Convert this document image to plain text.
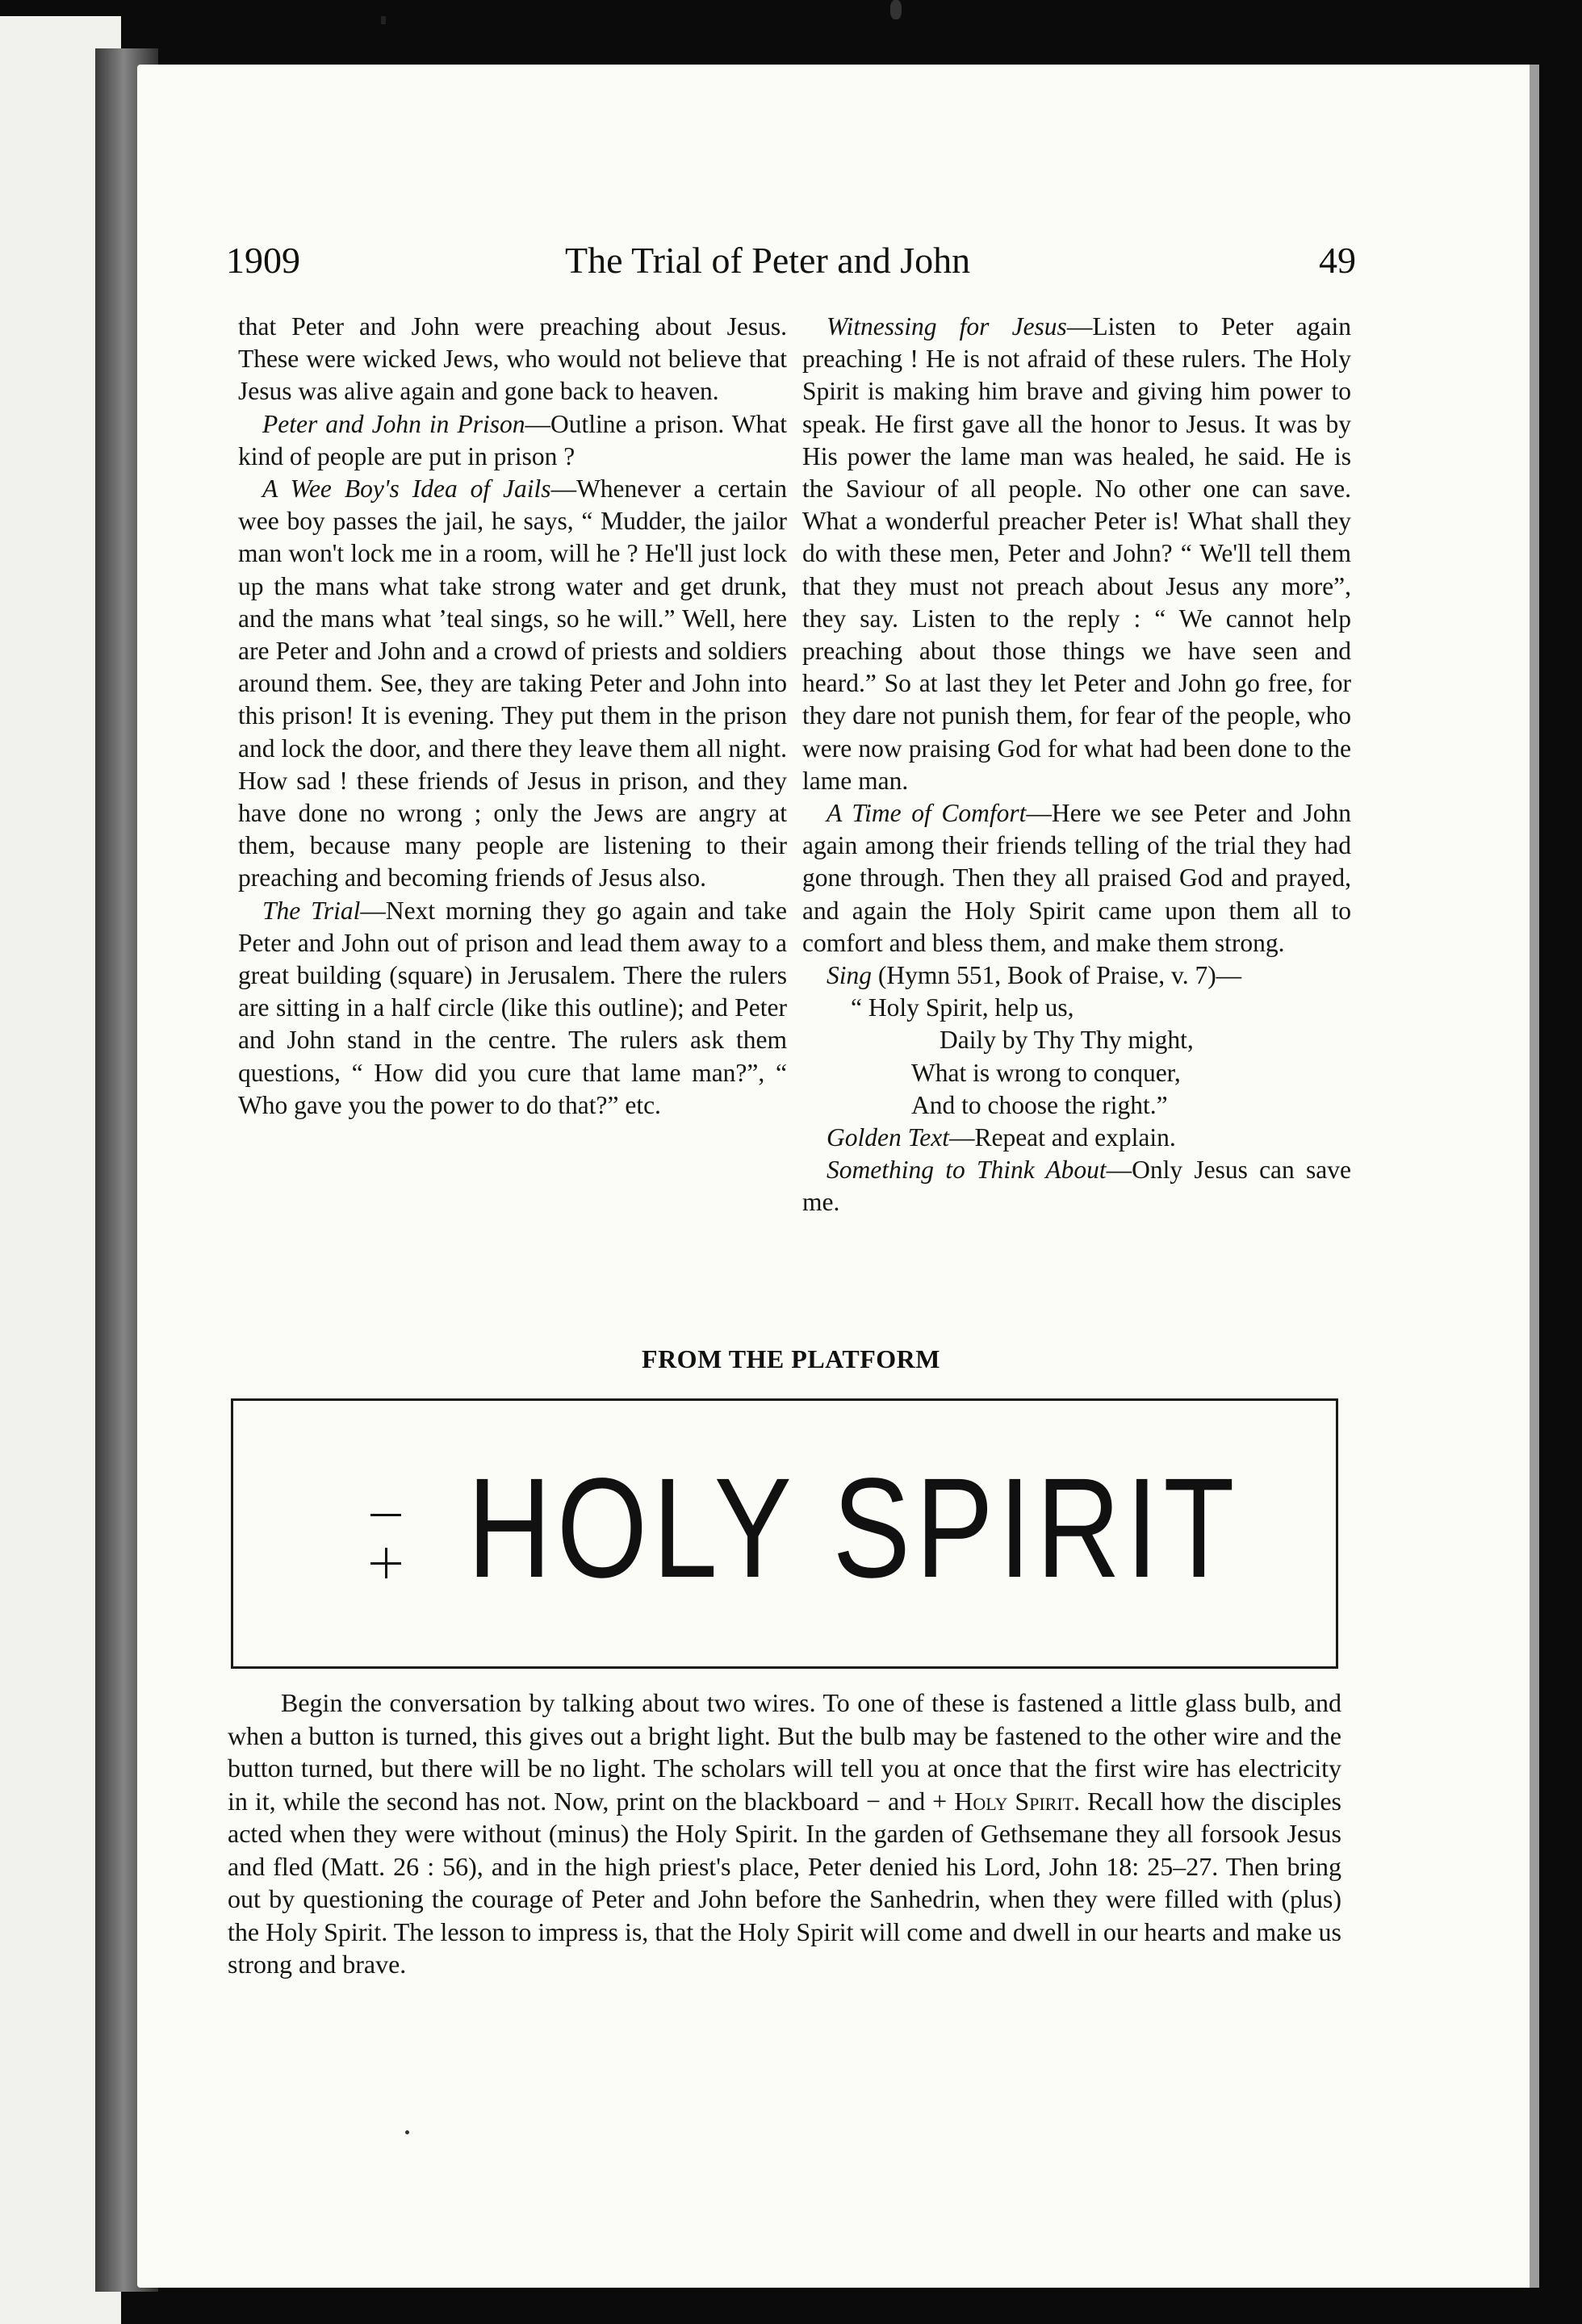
1909	The Trial of Peter and John	49

that Peter and John were preaching about Jesus. These were wicked Jews, who would not believe that Jesus was alive again and gone back to heaven.

Peter and John in Prison—Outline a prison. What kind of people are put in prison ?

A Wee Boy's Idea of Jails—Whenever a certain wee boy passes the jail, he says, “ Mudder, the jailor man won't lock me in a room, will he ? He'll just lock up the mans what take strong water and get drunk, and the mans what ’teal sings, so he will.” Well, here are Peter and John and a crowd of priests and soldiers around them. See, they are taking Peter and John into this prison! It is evening. They put them in the prison and lock the door, and there they leave them all night. How sad ! these friends of Jesus in prison, and they have done no wrong ; only the Jews are angry at them, because many people are listening to their preaching and becoming friends of Jesus also.

The Trial—Next morning they go again and take Peter and John out of prison and lead them away to a great building (square) in Jerusalem. There the rulers are sitting in a half circle (like this outline); and Peter and John stand in the centre. The rulers ask them questions, “ How did you cure that lame man?”, “ Who gave you the power to do that?” etc.

Witnessing for Jesus—Listen to Peter again preaching ! He is not afraid of these rulers. The Holy Spirit is making him brave and giving him power to speak. He first gave all the honor to Jesus. It was by His power the lame man was healed, he said. He is the Saviour of all people. No other one can save. What a wonderful preacher Peter is! What shall they do with these men, Peter and John? “ We'll tell them that they must not preach about Jesus any more”, they say. Listen to the reply : “ We cannot help preaching about those things we have seen and heard.” So at last they let Peter and John go free, for they dare not punish them, for fear of the people, who were now praising God for what had been done to the lame man.

A Time of Comfort—Here we see Peter and John again among their friends telling of the trial they had gone through. Then they all praised God and prayed, and again the Holy Spirit came upon them all to comfort and bless them, and make them strong.

Sing (Hymn 551, Book of Praise, v. 7)—

“ Holy Spirit, help us,
Daily by Thy Thy might,
What is wrong to conquer,
And to choose the right.”

Golden Text—Repeat and explain.

Something to Think About—Only Jesus can save me.

FROM THE PLATFORM
HOLY SPIRIT

Begin the conversation by talking about two wires. To one of these is fastened a little glass bulb, and when a button is turned, this gives out a bright light. But the bulb may be fastened to the other wire and the button turned, but there will be no light. The scholars will tell you at once that the first wire has electricity in it, while the second has not. Now, print on the blackboard − and + Holy Spirit. Recall how the disciples acted when they were without (minus) the Holy Spirit. In the garden of Gethsemane they all forsook Jesus and fled (Matt. 26 : 56), and in the high priest's place, Peter denied his Lord, John 18: 25–27. Then bring out by questioning the courage of Peter and John before the Sanhedrin, when they were filled with (plus) the Holy Spirit. The lesson to impress is, that the Holy Spirit will come and dwell in our hearts and make us strong and brave.
